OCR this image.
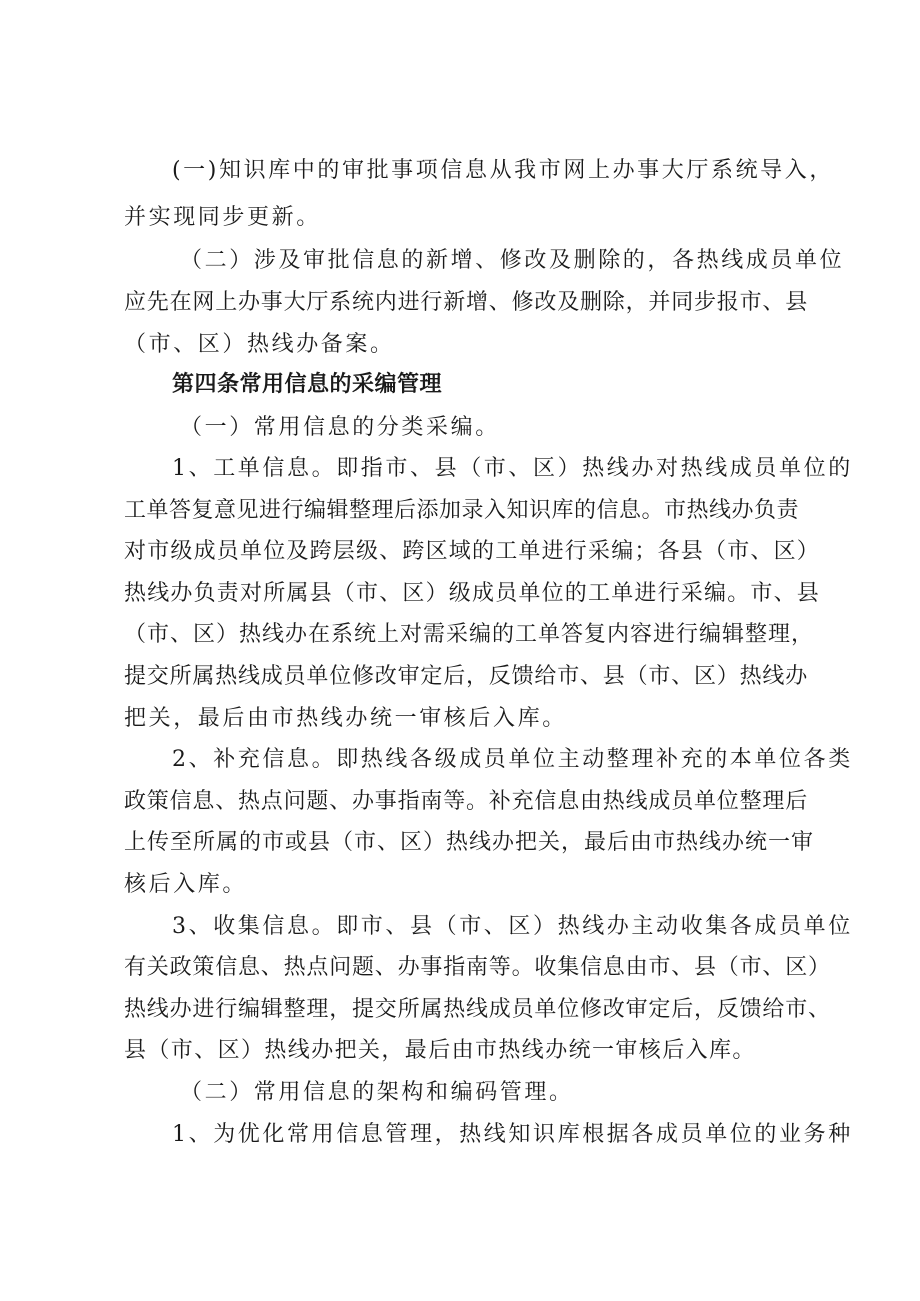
(一)知识库中的审批事项信息从我市网上办事大厅系统导入，

并实现同步更新。

（二）涉及审批信息的新增、修改及删除的，各热线成员单位

应先在网上办事大厅系统内进行新增、修改及删除，并同步报市、县

（市、区）热线办备案。

第四条常用信息的采编管理

（一）常用信息的分类采编。

1、工单信息。即指市、县（市、区）热线办对热线成员单位的

工单答复意见进行编辑整理后添加录入知识库的信息。市热线办负责

对市级成员单位及跨层级、跨区域的工单进行采编；各县（市、区）

热线办负责对所属县（市、区）级成员单位的工单进行采编。市、县

（市、区）热线办在系统上对需采编的工单答复内容进行编辑整理，

提交所属热线成员单位修改审定后，反馈给市、县（市、区）热线办

把关，最后由市热线办统一审核后入库。

2、补充信息。即热线各级成员单位主动整理补充的本单位各类

政策信息、热点问题、办事指南等。补充信息由热线成员单位整理后

上传至所属的市或县（市、区）热线办把关，最后由市热线办统一审

核后入库。

3、收集信息。即市、县（市、区）热线办主动收集各成员单位

有关政策信息、热点问题、办事指南等。收集信息由市、县（市、区）

热线办进行编辑整理，提交所属热线成员单位修改审定后，反馈给市、

县（市、区）热线办把关，最后由市热线办统一审核后入库。

（二）常用信息的架构和编码管理。

1、为优化常用信息管理，热线知识库根据各成员单位的业务种
